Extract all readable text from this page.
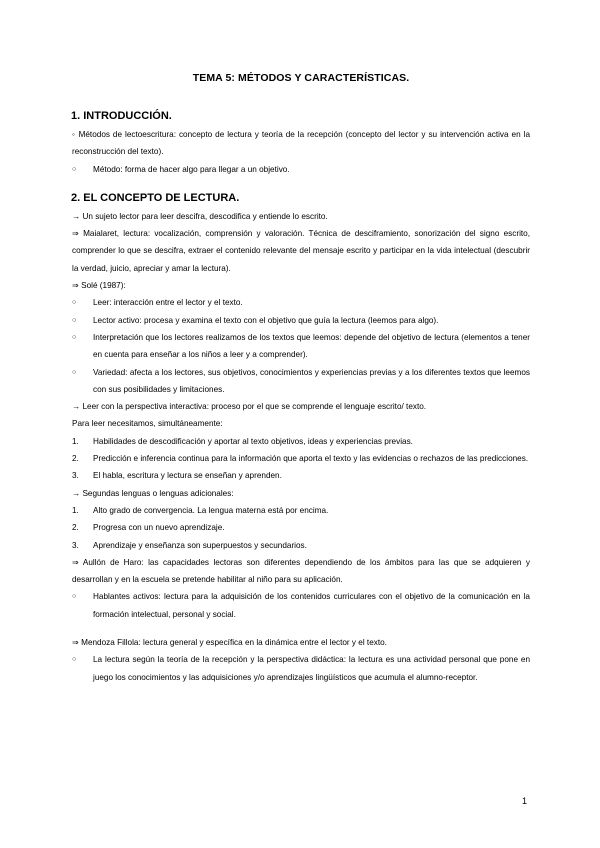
TEMA 5: MÉTODOS Y CARACTERÍSTICAS.
1. INTRODUCCIÓN.

◦ Métodos de lectoescritura: concepto de lectura y teoría de la recepción (concepto del lector y su intervención activa en la reconstrucción del texto).

○ Método: forma de hacer algo para llegar a un objetivo.

2. EL CONCEPTO DE LECTURA.

→ Un sujeto lector para leer descifra, descodifica y entiende lo escrito.

⇒ Maialaret, lectura: vocalización, comprensión y valoración. Técnica de desciframiento, sonorización del signo escrito, comprender lo que se descifra, extraer el contenido relevante del mensaje escrito y participar en la vida intelectual (descubrir la verdad, juicio, apreciar y amar la lectura).

⇒ Solé (1987):

○ Leer: interacción entre el lector y el texto.

○ Lector activo: procesa y examina el texto con el objetivo que guía la lectura (leemos para algo).

○ Interpretación que los lectores realizamos de los textos que leemos: depende del objetivo de lectura (elementos a tener en cuenta para enseñar a los niños a leer y a comprender).

○ Variedad: afecta a los lectores, sus objetivos, conocimientos y experiencias previas y a los diferentes textos que leemos con sus posibilidades y limitaciones.

→ Leer con la perspectiva interactiva: proceso por el que se comprende el lenguaje escrito/ texto.

Para leer necesitamos, simultáneamente:

1. Habilidades de descodificación y aportar al texto objetivos, ideas y experiencias previas.

2. Predicción e inferencia continua para la información que aporta el texto y las evidencias o rechazos de las predicciones.

3. El habla, escritura y lectura se enseñan y aprenden.

→ Segundas lenguas o lenguas adicionales:

1. Alto grado de convergencia. La lengua materna está por encima.

2. Progresa con un nuevo aprendizaje.

3. Aprendizaje y enseñanza son superpuestos y secundarios.

⇒ Aullón de Haro: las capacidades lectoras son diferentes dependiendo de los ámbitos para las que se adquieren y desarrollan y en la escuela se pretende habilitar al niño para su aplicación.

○ Hablantes activos: lectura para la adquisición de los contenidos curriculares con el objetivo de la comunicación en la formación intelectual, personal y social.

⇒ Mendoza Fillola: lectura general y específica en la dinámica entre el lector y el texto.

○ La lectura según la teoría de la recepción y la perspectiva didáctica: la lectura es una actividad personal que pone en juego los conocimientos y las adquisiciones y/o aprendizajes lingüísticos que acumula el alumno-receptor.

1
